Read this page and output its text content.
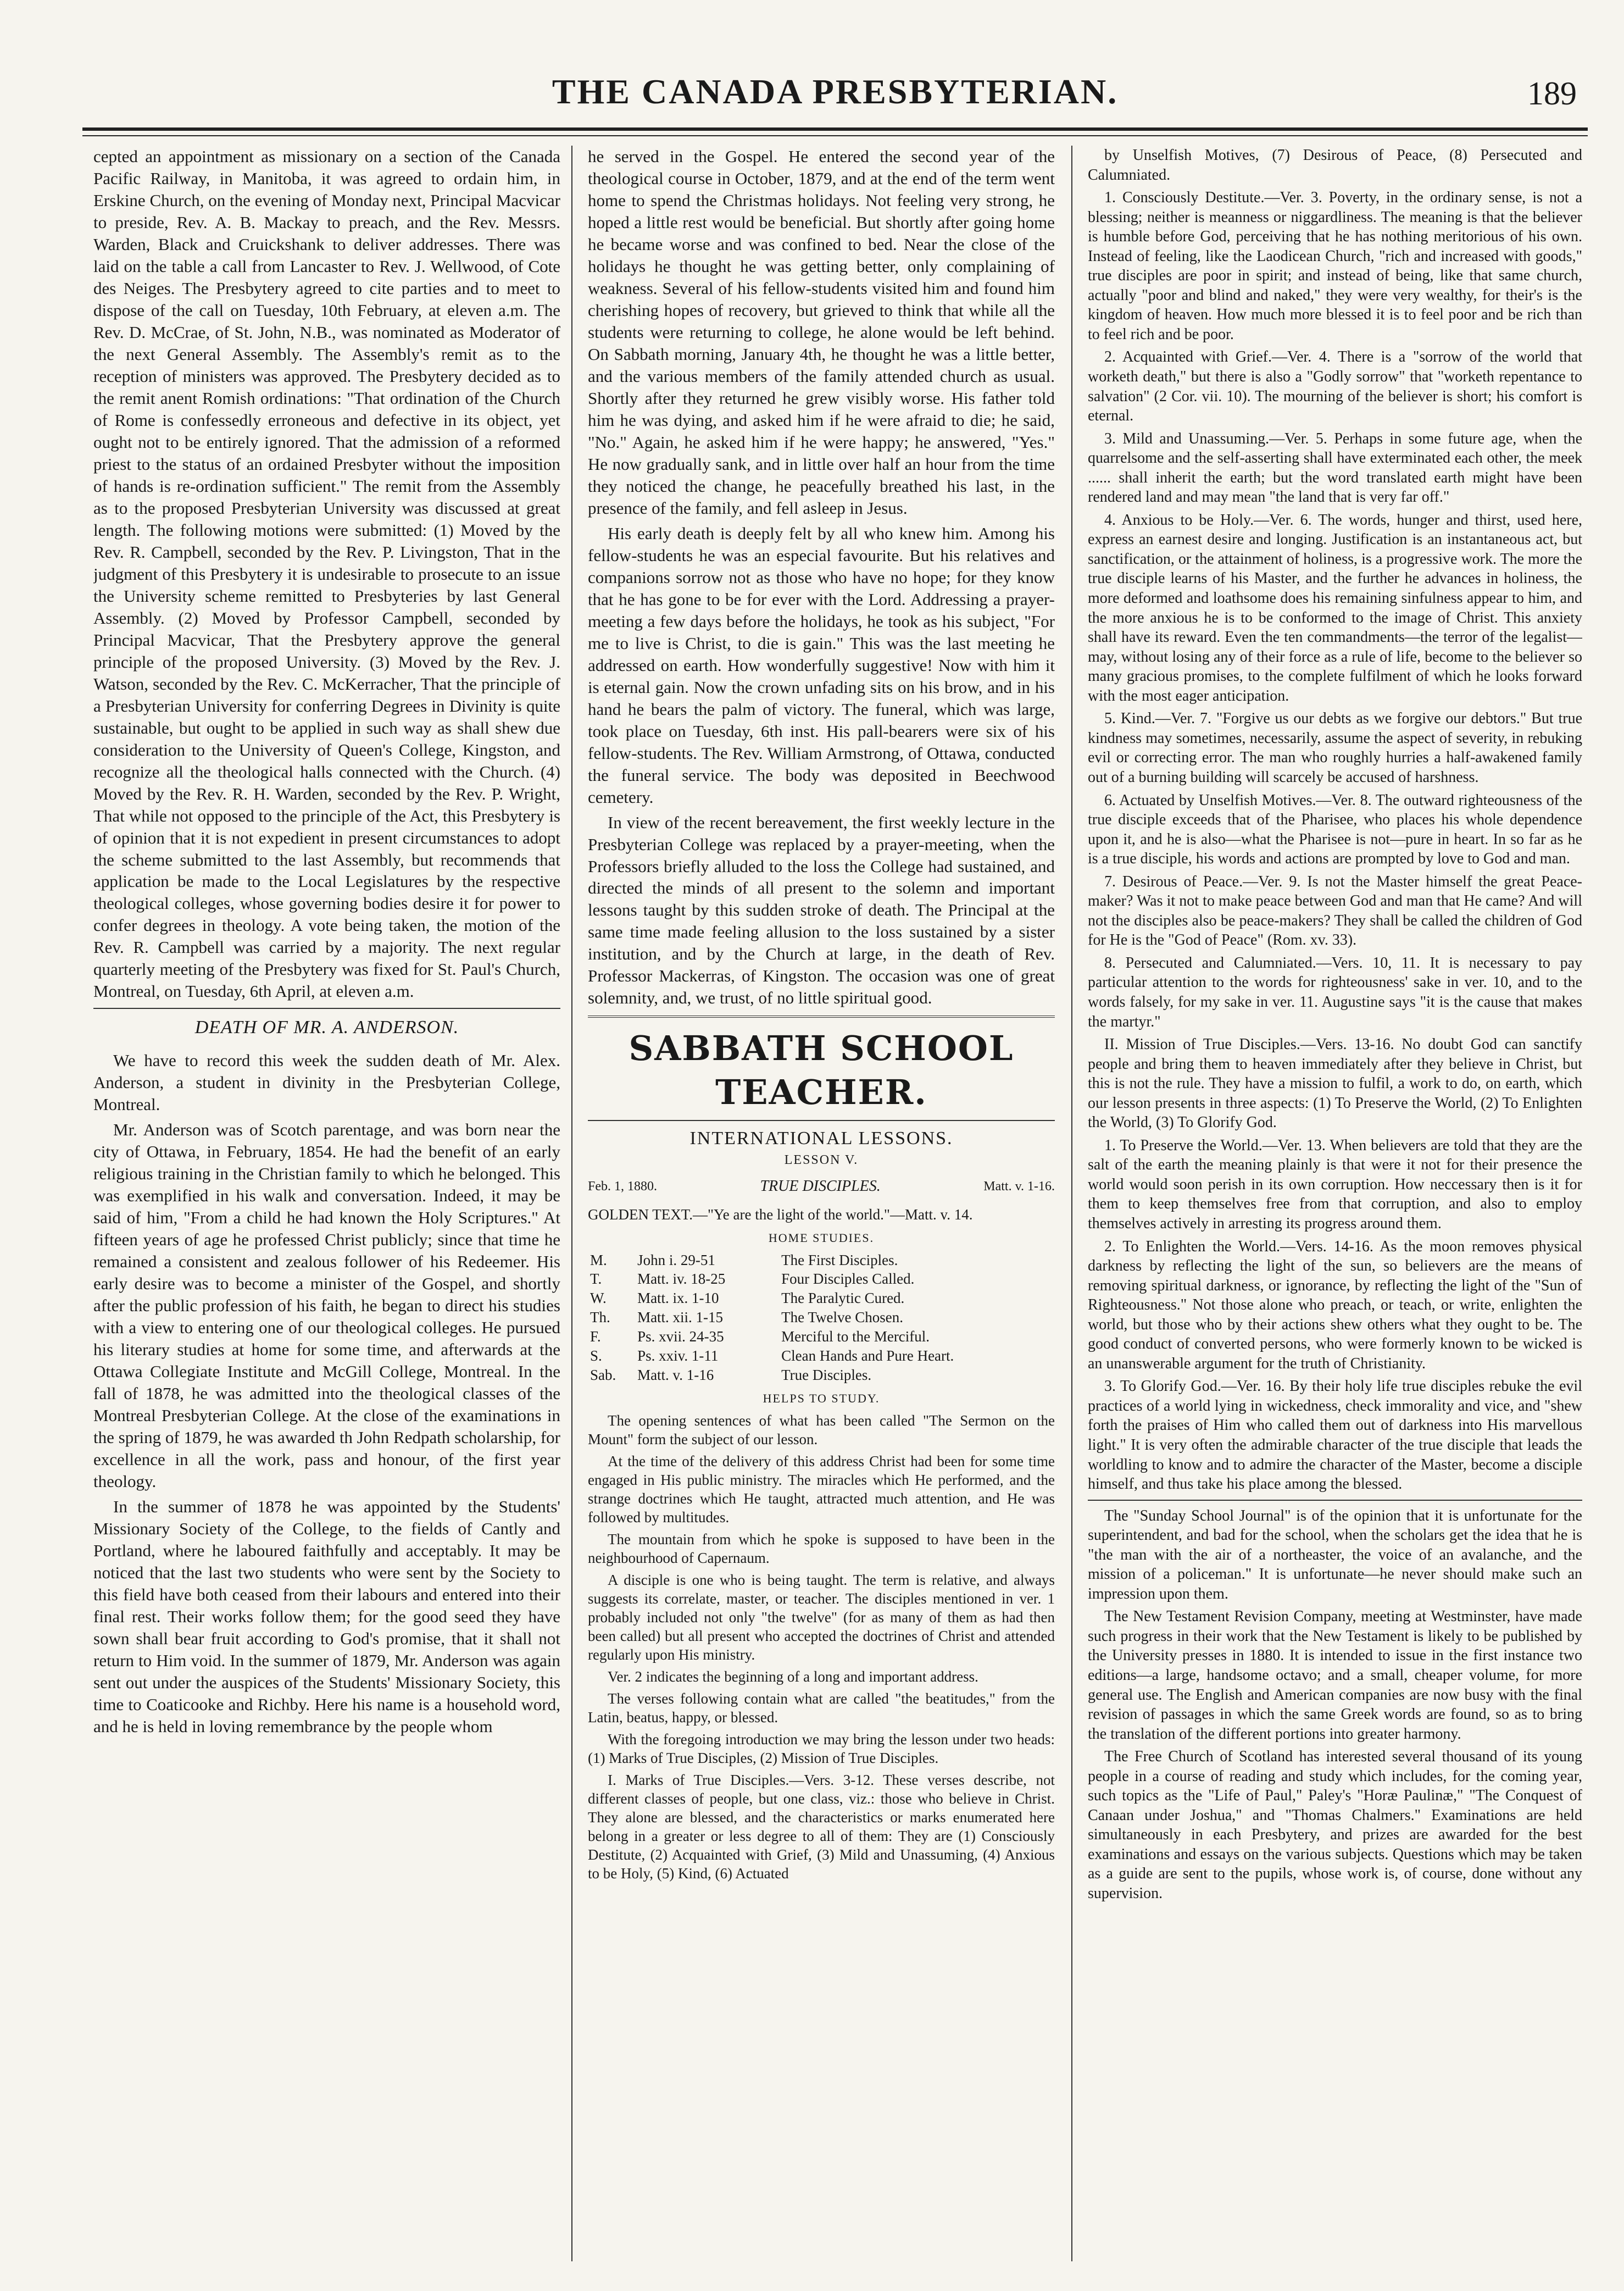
THE CANADA PRESBYTERIAN.	189

cepted an appointment as missionary on a section of the Canada Pacific Railway, in Manitoba, it was agreed to ordain him, in Erskine Church, on the evening of Monday next, Principal Macvicar to preside, Rev. A. B. Mackay to preach, and the Rev. Messrs. Warden, Black and Cruickshank to deliver addresses. There was laid on the table a call from Lancaster to Rev. J. Wellwood, of Cote des Neiges. The Presbytery agreed to cite parties and to meet to dispose of the call on Tuesday, 10th February, at eleven a.m. The Rev. D. McCrae, of St. John, N.B., was nominated as Moderator of the next General Assembly. The Assembly's remit as to the reception of ministers was approved. The Presbytery decided as to the remit anent Romish ordinations: "That ordination of the Church of Rome is confessedly erroneous and defective in its object, yet ought not to be entirely ignored. That the admission of a reformed priest to the status of an ordained Presbyter without the imposition of hands is re-ordination sufficient." The remit from the Assembly as to the proposed Presbyterian University was discussed at great length. The following motions were submitted: (1) Moved by the Rev. R. Campbell, seconded by the Rev. P. Livingston, That in the judgment of this Presbytery it is undesirable to prosecute to an issue the University scheme remitted to Presbyteries by last General Assembly. (2) Moved by Professor Campbell, seconded by Principal Macvicar, That the Presbytery approve the general principle of the proposed University. (3) Moved by the Rev. J. Watson, seconded by the Rev. C. McKerracher, That the principle of a Presbyterian University for conferring Degrees in Divinity is quite sustainable, but ought to be applied in such way as shall shew due consideration to the University of Queen's College, Kingston, and recognize all the theological halls connected with the Church. (4) Moved by the Rev. R. H. Warden, seconded by the Rev. P. Wright, That while not opposed to the principle of the Act, this Presbytery is of opinion that it is not expedient in present circumstances to adopt the scheme submitted to the last Assembly, but recommends that application be made to the Local Legislatures by the respective theological colleges, whose governing bodies desire it for power to confer degrees in theology. A vote being taken, the motion of the Rev. R. Campbell was carried by a majority. The next regular quarterly meeting of the Presbytery was fixed for St. Paul's Church, Montreal, on Tuesday, 6th April, at eleven a.m.

DEATH OF MR. A. ANDERSON.

We have to record this week the sudden death of Mr. Alex. Anderson, a student in divinity in the Presbyterian College, Montreal.

Mr. Anderson was of Scotch parentage, and was born near the city of Ottawa, in February, 1854. He had the benefit of an early religious training in the Christian family to which he belonged. This was exemplified in his walk and conversation. Indeed, it may be said of him, "From a child he had known the Holy Scriptures." At fifteen years of age he professed Christ publicly; since that time he remained a consistent and zealous follower of his Redeemer. His early desire was to become a minister of the Gospel, and shortly after the public profession of his faith, he began to direct his studies with a view to entering one of our theological colleges. He pursued his literary studies at home for some time, and afterwards at the Ottawa Collegiate Institute and McGill College, Montreal. In the fall of 1878, he was admitted into the theological classes of the Montreal Presbyterian College. At the close of the examinations in the spring of 1879, he was awarded th John Redpath scholarship, for excellence in all the work, pass and honour, of the first year theology.

In the summer of 1878 he was appointed by the Students' Missionary Society of the College, to the fields of Cantly and Portland, where he laboured faithfully and acceptably. It may be noticed that the last two students who were sent by the Society to this field have both ceased from their labours and entered into their final rest. Their works follow them; for the good seed they have sown shall bear fruit according to God's promise, that it shall not return to Him void. In the summer of 1879, Mr. Anderson was again sent out under the auspices of the Students' Missionary Society, this time to Coaticooke and Richby. Here his name is a household word, and he is held in loving remembrance by the people whom

he served in the Gospel. He entered the second year of the theological course in October, 1879, and at the end of the term went home to spend the Christmas holidays. Not feeling very strong, he hoped a little rest would be beneficial. But shortly after going home he became worse and was confined to bed. Near the close of the holidays he thought he was getting better, only complaining of weakness. Several of his fellow-students visited him and found him cherishing hopes of recovery, but grieved to think that while all the students were returning to college, he alone would be left behind. On Sabbath morning, January 4th, he thought he was a little better, and the various members of the family attended church as usual. Shortly after they returned he grew visibly worse. His father told him he was dying, and asked him if he were afraid to die; he said, "No." Again, he asked him if he were happy; he answered, "Yes." He now gradually sank, and in little over half an hour from the time they noticed the change, he peacefully breathed his last, in the presence of the family, and fell asleep in Jesus.

His early death is deeply felt by all who knew him. Among his fellow-students he was an especial favourite. But his relatives and companions sorrow not as those who have no hope; for they know that he has gone to be for ever with the Lord. Addressing a prayer-meeting a few days before the holidays, he took as his subject, "For me to live is Christ, to die is gain." This was the last meeting he addressed on earth. How wonderfully suggestive! Now with him it is eternal gain. Now the crown unfading sits on his brow, and in his hand he bears the palm of victory. The funeral, which was large, took place on Tuesday, 6th inst. His pall-bearers were six of his fellow-students. The Rev. William Armstrong, of Ottawa, conducted the funeral service. The body was deposited in Beechwood cemetery.

In view of the recent bereavement, the first weekly lecture in the Presbyterian College was replaced by a prayer-meeting, when the Professors briefly alluded to the loss the College had sustained, and directed the minds of all present to the solemn and important lessons taught by this sudden stroke of death. The Principal at the same time made feeling allusion to the loss sustained by a sister institution, and by the Church at large, in the death of Rev. Professor Mackerras, of Kingston. The occasion was one of great solemnity, and, we trust, of no little spiritual good.

SABBATH SCHOOL TEACHER.
INTERNATIONAL LESSONS.
LESSON V.
Feb. 1, 1880.	TRUE DISCIPLES.	Matt. v. 1-16.
GOLDEN TEXT.—"Ye are the light of the world."—Matt. v. 14.
HOME STUDIES.
M.	John i. 29-51	The First Disciples.
T.	Matt. iv. 18-25	Four Disciples Called.
W.	Matt. ix. 1-10	The Paralytic Cured.
Th.	Matt. xii. 1-15	The Twelve Chosen.
F.	Ps. xvii. 24-35	Merciful to the Merciful.
S.	Ps. xxiv. 1-11	Clean Hands and Pure Heart.
Sab.	Matt. v. 1-16	True Disciples.
HELPS TO STUDY.

The opening sentences of what has been called "The Sermon on the Mount" form the subject of our lesson.

At the time of the delivery of this address Christ had been for some time engaged in His public ministry. The miracles which He performed, and the strange doctrines which He taught, attracted much attention, and He was followed by multitudes.

The mountain from which he spoke is supposed to have been in the neighbourhood of Capernaum.

A disciple is one who is being taught. The term is relative, and always suggests its correlate, master, or teacher. The disciples mentioned in ver. 1 probably included not only "the twelve" (for as many of them as had then been called) but all present who accepted the doctrines of Christ and attended regularly upon His ministry.

Ver. 2 indicates the beginning of a long and important address.

The verses following contain what are called "the beatitudes," from the Latin, beatus, happy, or blessed.

With the foregoing introduction we may bring the lesson under two heads: (1) Marks of True Disciples, (2) Mission of True Disciples.

I. Marks of True Disciples.—Vers. 3-12. These verses describe, not different classes of people, but one class, viz.: those who believe in Christ. They alone are blessed, and the characteristics or marks enumerated here belong in a greater or less degree to all of them: They are (1) Consciously Destitute, (2) Acquainted with Grief, (3) Mild and Unassuming, (4) Anxious to be Holy, (5) Kind, (6) Actuated

by Unselfish Motives, (7) Desirous of Peace, (8) Persecuted and Calumniated.

1. Consciously Destitute.—Ver. 3. Poverty, in the ordinary sense, is not a blessing; neither is meanness or niggardliness. The meaning is that the believer is humble before God, perceiving that he has nothing meritorious of his own. Instead of feeling, like the Laodicean Church, "rich and increased with goods," true disciples are poor in spirit; and instead of being, like that same church, actually "poor and blind and naked," they were very wealthy, for their's is the kingdom of heaven. How much more blessed it is to feel poor and be rich than to feel rich and be poor.

2. Acquainted with Grief.—Ver. 4. There is a "sorrow of the world that worketh death," but there is also a "Godly sorrow" that "worketh repentance to salvation" (2 Cor. vii. 10). The mourning of the believer is short; his comfort is eternal.

3. Mild and Unassuming.—Ver. 5. Perhaps in some future age, when the quarrelsome and the self-asserting shall have exterminated each other, the meek ...... shall inherit the earth; but the word translated earth might have been rendered land and may mean "the land that is very far off."

4. Anxious to be Holy.—Ver. 6. The words, hunger and thirst, used here, express an earnest desire and longing. Justification is an instantaneous act, but sanctification, or the attainment of holiness, is a progressive work. The more the true disciple learns of his Master, and the further he advances in holiness, the more deformed and loathsome does his remaining sinfulness appear to him, and the more anxious he is to be conformed to the image of Christ. This anxiety shall have its reward. Even the ten commandments—the terror of the legalist—may, without losing any of their force as a rule of life, become to the believer so many gracious promises, to the complete fulfilment of which he looks forward with the most eager anticipation.

5. Kind.—Ver. 7. "Forgive us our debts as we forgive our debtors." But true kindness may sometimes, necessarily, assume the aspect of severity, in rebuking evil or correcting error. The man who roughly hurries a half-awakened family out of a burning building will scarcely be accused of harshness.

6. Actuated by Unselfish Motives.—Ver. 8. The outward righteousness of the true disciple exceeds that of the Pharisee, who places his whole dependence upon it, and he is also—what the Pharisee is not—pure in heart. In so far as he is a true disciple, his words and actions are prompted by love to God and man.

7. Desirous of Peace.—Ver. 9. Is not the Master himself the great Peace-maker? Was it not to make peace between God and man that He came? And will not the disciples also be peace-makers? They shall be called the children of God for He is the "God of Peace" (Rom. xv. 33).

8. Persecuted and Calumniated.—Vers. 10, 11. It is necessary to pay particular attention to the words for righteousness' sake in ver. 10, and to the words falsely, for my sake in ver. 11. Augustine says "it is the cause that makes the martyr."

II. Mission of True Disciples.—Vers. 13-16. No doubt God can sanctify people and bring them to heaven immediately after they believe in Christ, but this is not the rule. They have a mission to fulfil, a work to do, on earth, which our lesson presents in three aspects: (1) To Preserve the World, (2) To Enlighten the World, (3) To Glorify God.

1. To Preserve the World.—Ver. 13. When believers are told that they are the salt of the earth the meaning plainly is that were it not for their presence the world would soon perish in its own corruption. How neccessary then is it for them to keep themselves free from that corruption, and also to employ themselves actively in arresting its progress around them.

2. To Enlighten the World.—Vers. 14-16. As the moon removes physical darkness by reflecting the light of the sun, so believers are the means of removing spiritual darkness, or ignorance, by reflecting the light of the "Sun of Righteousness." Not those alone who preach, or teach, or write, enlighten the world, but those who by their actions shew others what they ought to be. The good conduct of converted persons, who were formerly known to be wicked is an unanswerable argument for the truth of Christianity.

3. To Glorify God.—Ver. 16. By their holy life true disciples rebuke the evil practices of a world lying in wickedness, check immorality and vice, and "shew forth the praises of Him who called them out of darkness into His marvellous light." It is very often the admirable character of the true disciple that leads the worldling to know and to admire the character of the Master, become a disciple himself, and thus take his place among the blessed.

The "Sunday School Journal" is of the opinion that it is unfortunate for the superintendent, and bad for the school, when the scholars get the idea that he is "the man with the air of a northeaster, the voice of an avalanche, and the mission of a policeman." It is unfortunate—he never should make such an impression upon them.

The New Testament Revision Company, meeting at Westminster, have made such progress in their work that the New Testament is likely to be published by the University presses in 1880. It is intended to issue in the first instance two editions—a large, handsome octavo; and a small, cheaper volume, for more general use. The English and American companies are now busy with the final revision of passages in which the same Greek words are found, so as to bring the translation of the different portions into greater harmony.

The Free Church of Scotland has interested several thousand of its young people in a course of reading and study which includes, for the coming year, such topics as the "Life of Paul," Paley's "Horæ Paulinæ," "The Conquest of Canaan under Joshua," and "Thomas Chalmers." Examinations are held simultaneously in each Presbytery, and prizes are awarded for the best examinations and essays on the various subjects. Questions which may be taken as a guide are sent to the pupils, whose work is, of course, done without any supervision.
